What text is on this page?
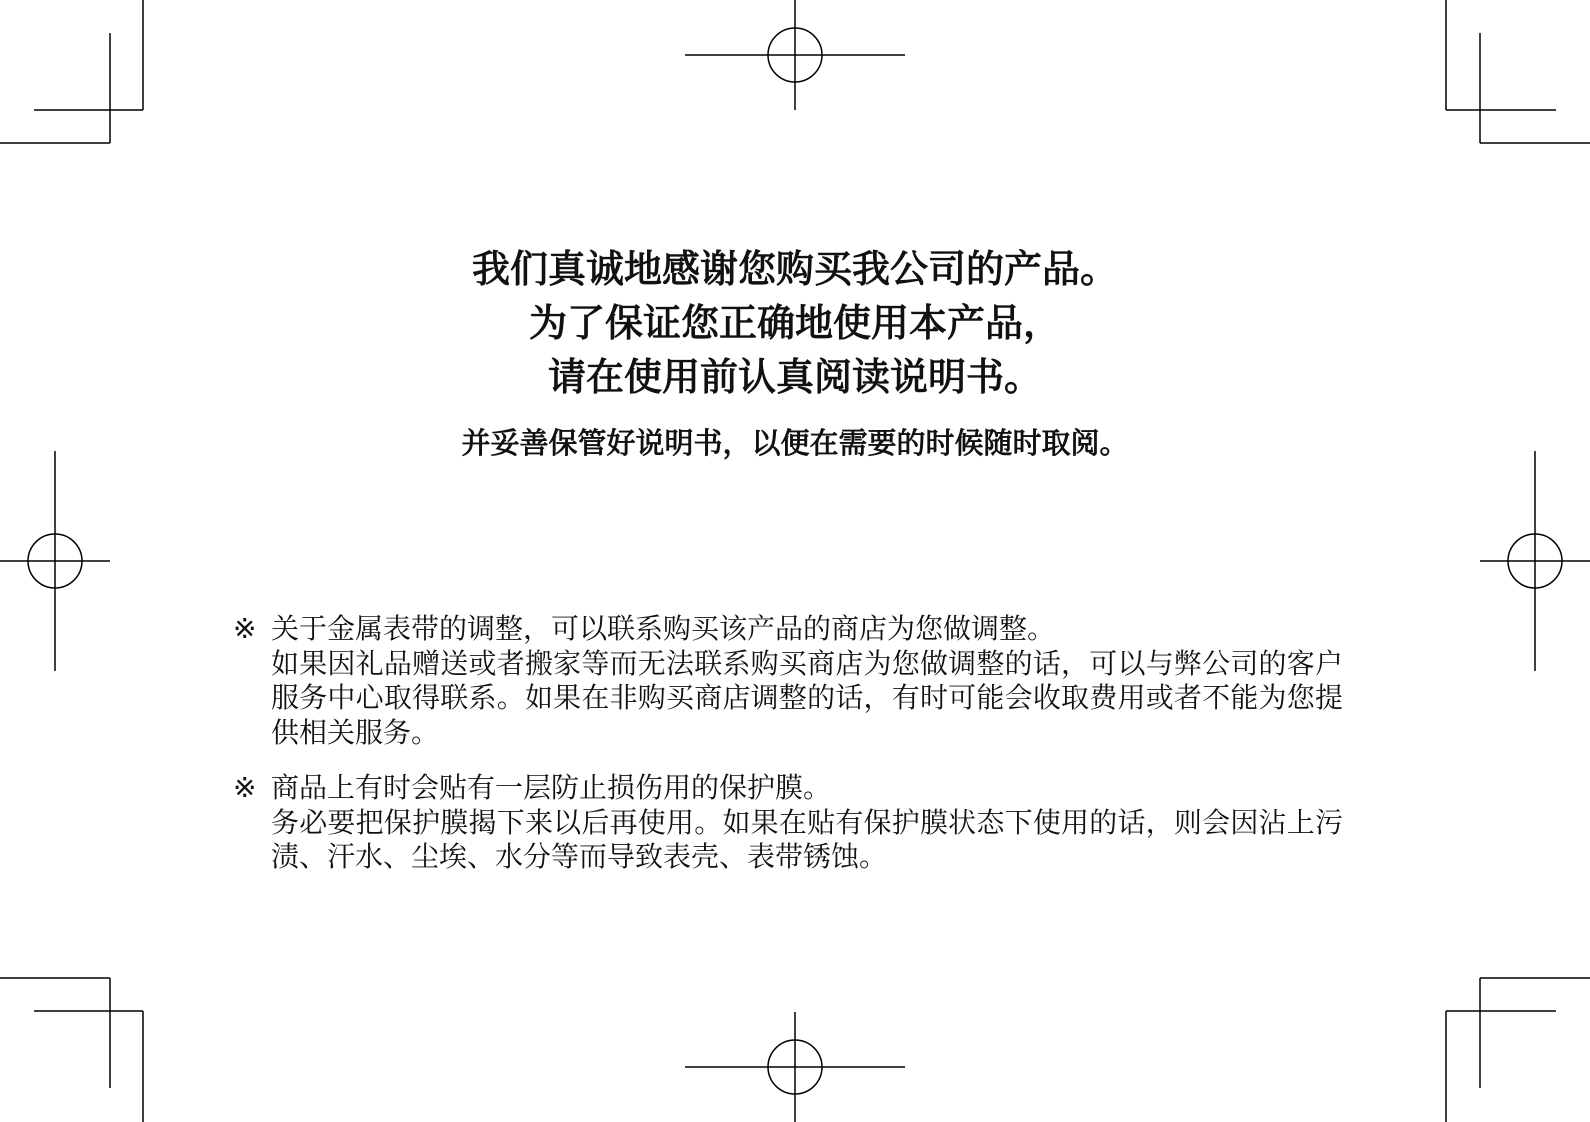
我们真诚地感谢您购买我公司的产品。

为了保证您正确地使用本产品，

请在使用前认真阅读说明书。

并妥善保管好说明书，以便在需要的时候随时取阅。

※ 关于金属表带的调整，可以联系购买该产品的商店为您做调整。

如果因礼品赠送或者搬家等而无法联系购买商店为您做调整的话，可以与弊公司的客户服务中心取得联系。如果在非购买商店调整的话，有时可能会收取费用或者不能为您提供相关服务。

※ 商品上有时会贴有一层防止损伤用的保护膜。

务必要把保护膜揭下来以后再使用。如果在贴有保护膜状态下使用的话，则会因沾上污渍、汗水、尘埃、水分等而导致表壳、表带锈蚀。
